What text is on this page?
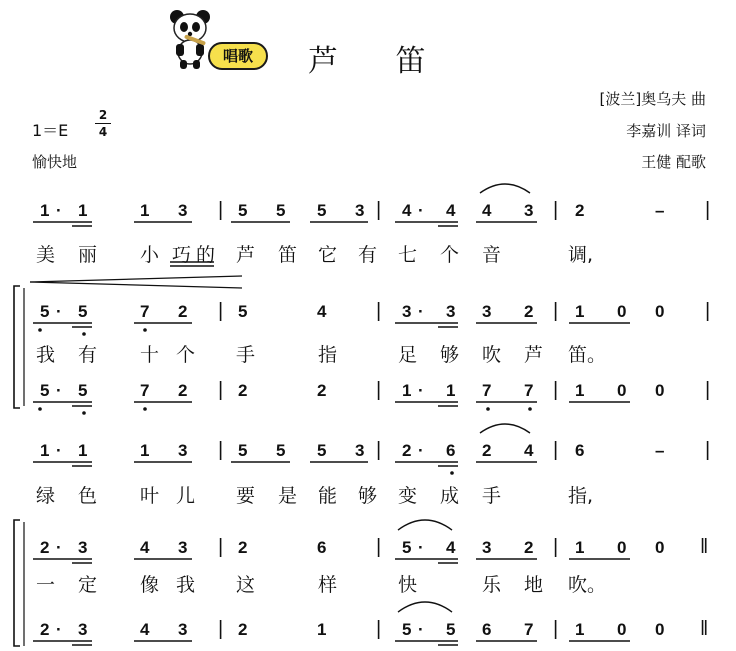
唱歌	芦 笛
1＝E
2
4
愉快地
[波兰]奥乌夫 曲
李嘉训 译词
王健 配歌
1 · 1	1 3 | 5 5 5 3 | 4 · 4 4 3 | 2	– |
美 丽 小 巧 的 芦 笛 它 有 七 个 音	调,
5 · 5	7 2 | 5	4 | 3 · 3 3 2 | 1 0 0 |
我 有 十 个 手	指	足 够 吹 芦 笛。
5 · 5	7 2 | 2	2 | 1 · 1 7 7 | 1 0 0 |
1 · 1	1 3 | 5 5 5 3 | 2 · 6 2 4 | 6	– |
绿 色 叶 儿 要 是 能 够 变 成 手	指,
2 · 3	4 3 | 2	6 | 5 · 4 3 2 | 1 0 0 ‖
一 定 像 我 这	样	快	乐 地 吹。
2 · 3	4 3 | 2	1 | 5 · 5 6 7 | 1 0 0 ‖
